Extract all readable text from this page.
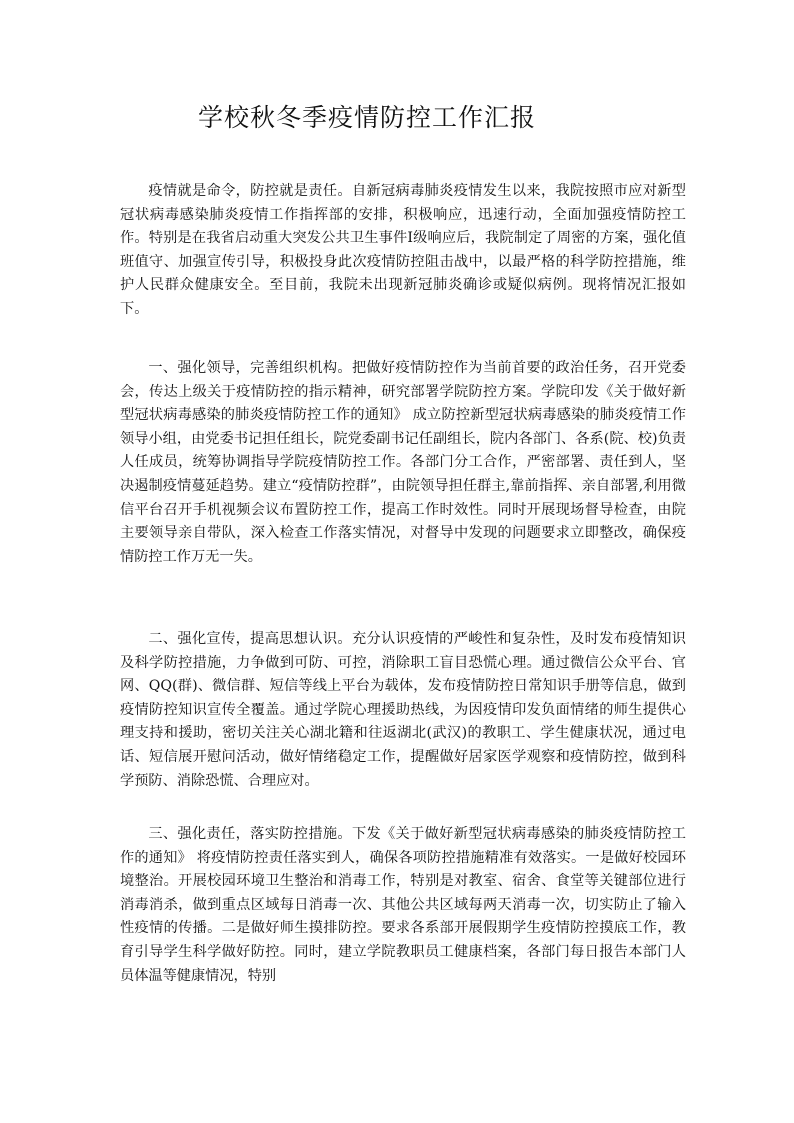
学校秋冬季疫情防控工作汇报

疫情就是命令，防控就是责任。自新冠病毒肺炎疫情发生以来，我院按照市应对新型冠状病毒感染肺炎疫情工作指挥部的安排，积极响应，迅速行动，全面加强疫情防控工作。特别是在我省启动重大突发公共卫生事件Ⅰ级响应后，我院制定了周密的方案，强化值班值守、加强宣传引导，积极投身此次疫情防控阻击战中，以最严格的科学防控措施，维护人民群众健康安全。至目前，我院未出现新冠肺炎确诊或疑似病例。现将情况汇报如下。

一、强化领导，完善组织机构。把做好疫情防控作为当前首要的政治任务，召开党委会，传达上级关于疫情防控的指示精神，研究部署学院防控方案。学院印发《关于做好新型冠状病毒感染的肺炎疫情防控工作的通知》 成立防控新型冠状病毒感染的肺炎疫情工作领导小组，由党委书记担任组长，院党委副书记任副组长，院内各部门、各系(院、校)负责人任成员，统筹协调指导学院疫情防控工作。各部门分工合作，严密部署、责任到人，坚决遏制疫情蔓延趋势。建立“疫情防控群”，由院领导担任群主,靠前指挥、亲自部署,利用微信平台召开手机视频会议布置防控工作，提高工作时效性。同时开展现场督导检查，由院主要领导亲自带队，深入检查工作落实情况，对督导中发现的问题要求立即整改，确保疫情防控工作万无一失。

二、强化宣传，提高思想认识。充分认识疫情的严峻性和复杂性，及时发布疫情知识及科学防控措施，力争做到可防、可控，消除职工盲目恐慌心理。通过微信公众平台、官网、QQ(群)、微信群、短信等线上平台为载体，发布疫情防控日常知识手册等信息，做到疫情防控知识宣传全覆盖。通过学院心理援助热线，为因疫情印发负面情绪的师生提供心理支持和援助，密切关注关心湖北籍和往返湖北(武汉)的教职工、学生健康状况，通过电话、短信展开慰问活动，做好情绪稳定工作，提醒做好居家医学观察和疫情防控，做到科学预防、消除恐慌、合理应对。

三、强化责任，落实防控措施。下发《关于做好新型冠状病毒感染的肺炎疫情防控工作的通知》 将疫情防控责任落实到人，确保各项防控措施精准有效落实。一是做好校园环境整治。开展校园环境卫生整治和消毒工作，特别是对教室、宿舍、食堂等关键部位进行消毒消杀，做到重点区域每日消毒一次、其他公共区域每两天消毒一次，切实防止了输入性疫情的传播。二是做好师生摸排防控。要求各系部开展假期学生疫情防控摸底工作，教育引导学生科学做好防控。同时，建立学院教职员工健康档案，各部门每日报告本部门人员体温等健康情况，特别
